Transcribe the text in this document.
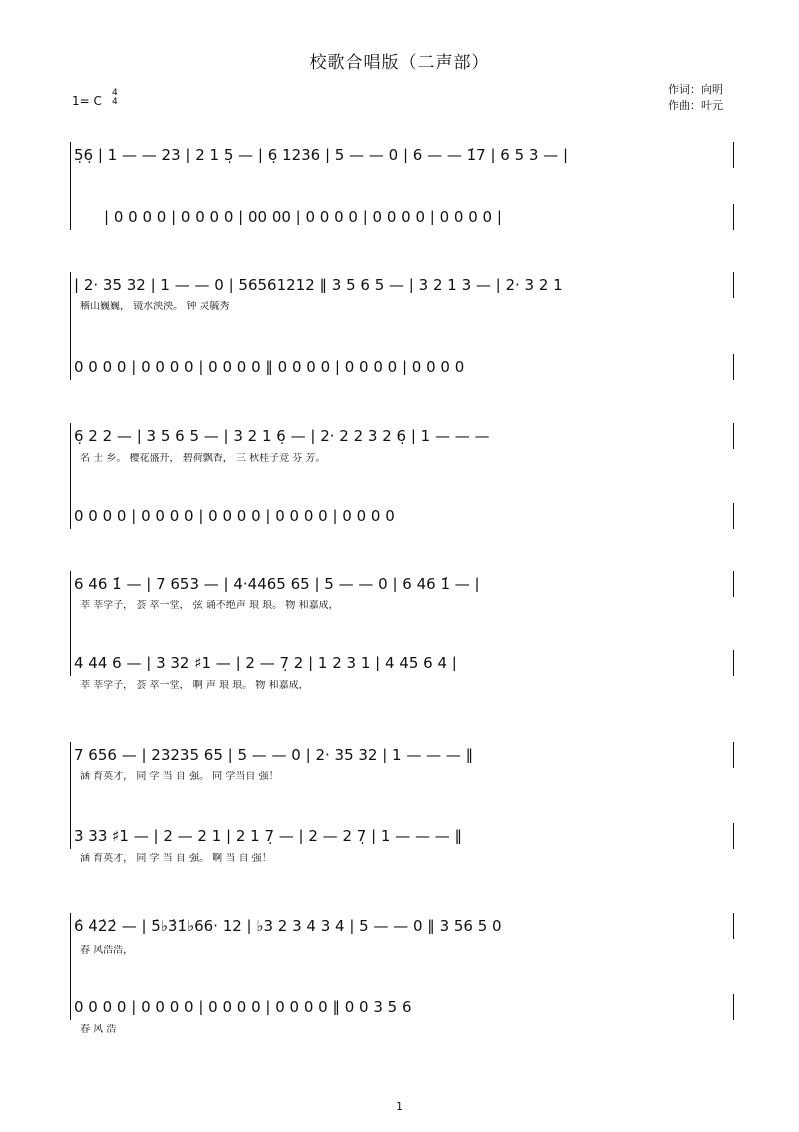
校歌合唱版（二声部）
1= C
4
4
作词：向明
作曲：叶元
5̣6̣ | 1 — — 23 | 2 1 5̣ — | 6̣ 1236 | 5 — — 0 | 6 — — 1̇7 | 6 5 3 — |
| 0 0 0 0 | 0 0 0 0 | 00 00 | 0 0 0 0 | 0 0 0 0 | 0 0 0 0 |
| 2· 35 32 | 1 — — 0 | 56561212 ‖ 3 5 6 5 — | 3 2 1 3 — | 2· 3 2 1
稽山巍巍， 镜水泱泱。 钟 灵毓秀
0 0 0 0 | 0 0 0 0 | 0 0 0 0 ‖ 0 0 0 0 | 0 0 0 0 | 0 0 0 0
6̣ 2 2 — | 3 5 6 5 — | 3 2 1 6̣ — | 2· 2 2 3 2 6̣ | 1 — — —
名 士 乡。 樱花盛开， 碧荷飘香， 三 秋桂子竞 芬 芳。
0 0 0 0 | 0 0 0 0 | 0 0 0 0 | 0 0 0 0 | 0 0 0 0
6 46 1̇ — | 7 653 — | 4·4465 65 | 5 — — 0 | 6 46 1̇ — |
莘 莘学子， 荟 萃一堂， 弦 诵不绝声 琅 琅。 物 和嘉成，
4 44 6 — | 3 32 ♯1 — | 2 — 7̣ 2 | 1 2 3 1 | 4 45 6 4 |
莘 莘学子， 荟 萃一堂， 啊 声 琅 琅。 物 和嘉成，
7 656 — | 23235 65 | 5 — — 0 | 2· 35 32 | 1 — — — ‖
涵 育英才， 同 学 当 自 强。 同 学当自 强！
3 33 ♯1 — | 2 — 2 1 | 2 1 7̣ — | 2 — 2 7̣ | 1 — — — ‖
涵 育英才， 同 学 当 自 强。 啊 当 自 强！
6̇ 4̇2̇2̇ — | 5̇♭3̇1̇♭66· 12 | ♭3 2 3 4 3 4 | 5 — — 0 ‖ 3 56 5 0
春 风浩浩，
0 0 0 0 | 0 0 0 0 | 0 0 0 0 | 0 0 0 0 ‖ 0 0 3 5 6
春 风 浩
1
